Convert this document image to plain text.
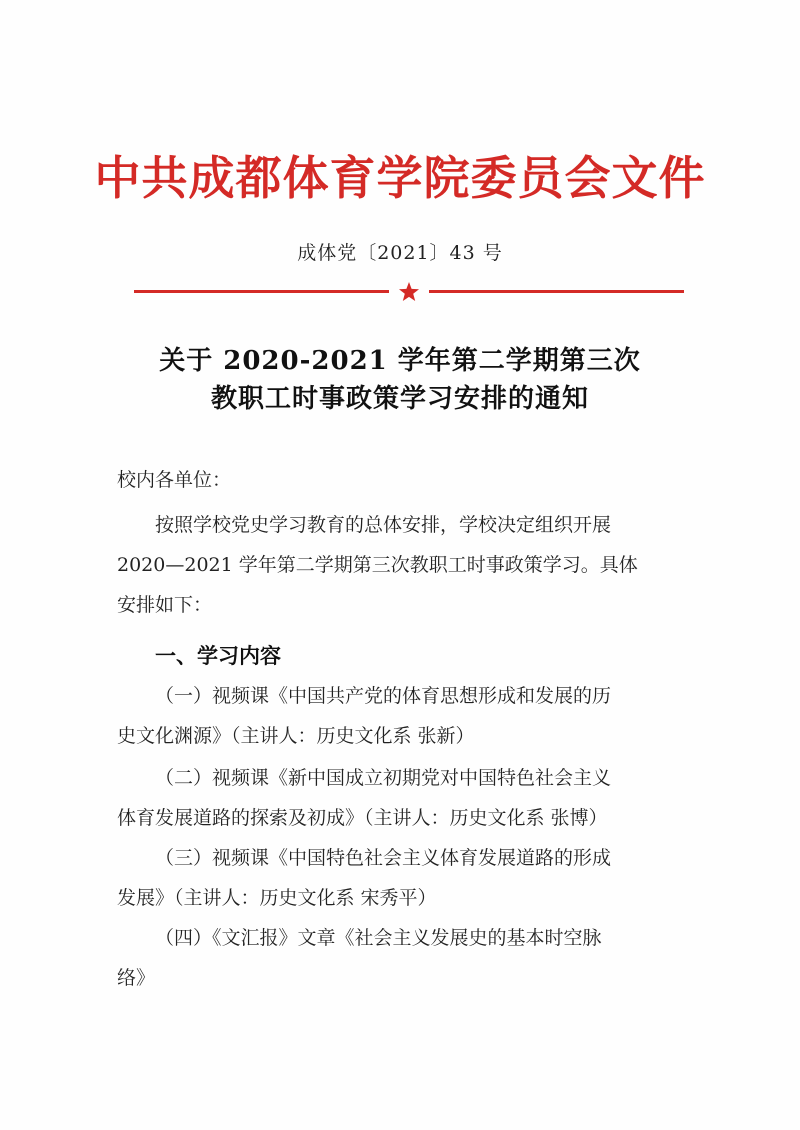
中共成都体育学院委员会文件
成体党〔2021〕43 号
关于 2020-2021 学年第二学期第三次
教职工时事政策学习安排的通知
校内各单位：
按照学校党史学习教育的总体安排，学校决定组织开展
2020—2021 学年第二学期第三次教职工时事政策学习。具体
安排如下：
一、学习内容
（一）视频课《中国共产党的体育思想形成和发展的历
史文化渊源》（主讲人：历史文化系 张新）
（二）视频课《新中国成立初期党对中国特色社会主义
体育发展道路的探索及初成》（主讲人：历史文化系 张博）
（三）视频课《中国特色社会主义体育发展道路的形成
发展》（主讲人：历史文化系 宋秀平）
（四）《文汇报》文章《社会主义发展史的基本时空脉
络》
